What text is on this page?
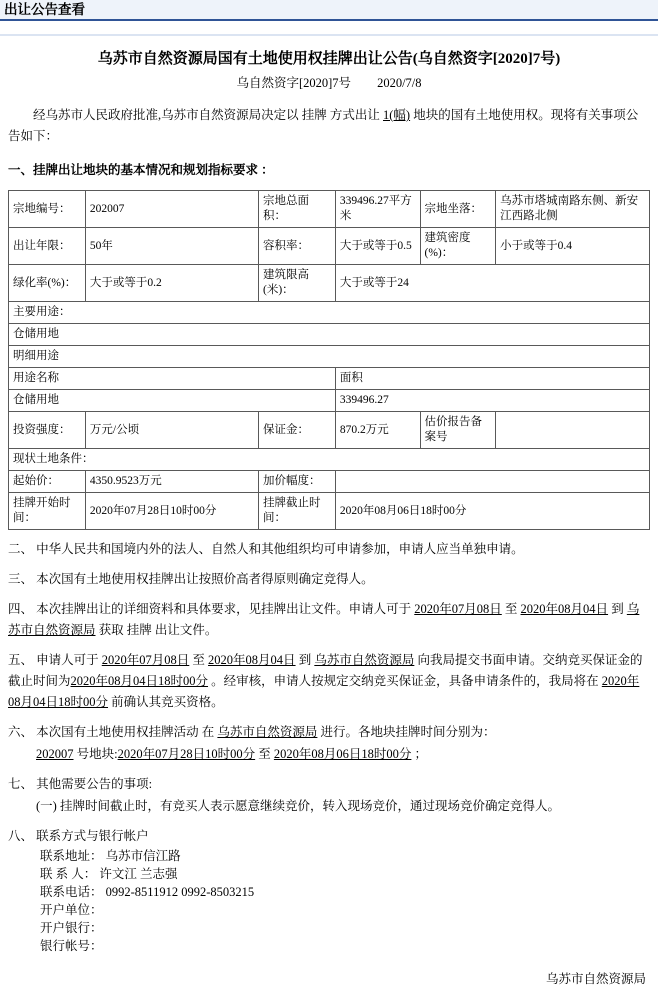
出让公告查看
乌苏市自然资源局国有土地使用权挂牌出让公告(乌自然资字[2020]7号)
乌自然资字[2020]7号 2020/7/8

经乌苏市人民政府批准,乌苏市自然资源局决定以 挂牌 方式出让 1(幅) 地块的国有土地使用权。现将有关事项公告如下：

一、挂牌出让地块的基本情况和规划指标要求 ：

宗地编号：	202007	宗地总面积：	339496.27平方米	宗地坐落：	乌苏市塔城南路东侧、新安江西路北侧
出让年限：	50年	容积率：	大于或等于0.5	建筑密度(%)：	小于或等于0.4
绿化率(%)：	大于或等于0.2	建筑限高(米)：	大于或等于24		
主要用途：					
仓储用地					
明细用途					
用途名称			面积		
仓储用地			339496.27		
投资强度：	万元/公顷	保证金：	870.2万元	估价报告备案号	
现状土地条件：					
起始价：	4350.9523万元	加价幅度：			
挂牌开始时间：	2020年07月28日10时00分	挂牌截止时间：	2020年08月06日18时00分		

二、 中华人民共和国境内外的法人、自然人和其他组织均可申请参加，申请人应当单独申请。

三、 本次国有土地使用权挂牌出让按照价高者得原则确定竞得人。

四、 本次挂牌出让的详细资料和具体要求，见挂牌出让文件。申请人可于 2020年07月08日 至 2020年08月04日 到 乌苏市自然资源局 获取 挂牌 出让文件。

五、 申请人可于 2020年07月08日 至 2020年08月04日 到 乌苏市自然资源局 向我局提交书面申请。交纳竞买保证金的截止时间为2020年08月04日18时00分 。经审核，申请人按规定交纳竞买保证金，具备申请条件的，我局将在 2020年08月04日18时00分 前确认其竞买资格。

六、 本次国有土地使用权挂牌活动 在 乌苏市自然资源局 进行。各地块挂牌时间分别为：

202007 号地块:2020年07月28日10时00分 至 2020年08月06日18时00分 ；

七、 其他需要公告的事项:

(一) 挂牌时间截止时，有竞买人表示愿意继续竞价，转入现场竞价，通过现场竞价确定竞得人。

八、 联系方式与银行帐户

联系地址： 乌苏市信江路

联 系 人： 许文江 兰志强

联系电话： 0992-8511912 0992-8503215

开户单位：

开户银行：

银行帐号：

乌苏市自然资源局
